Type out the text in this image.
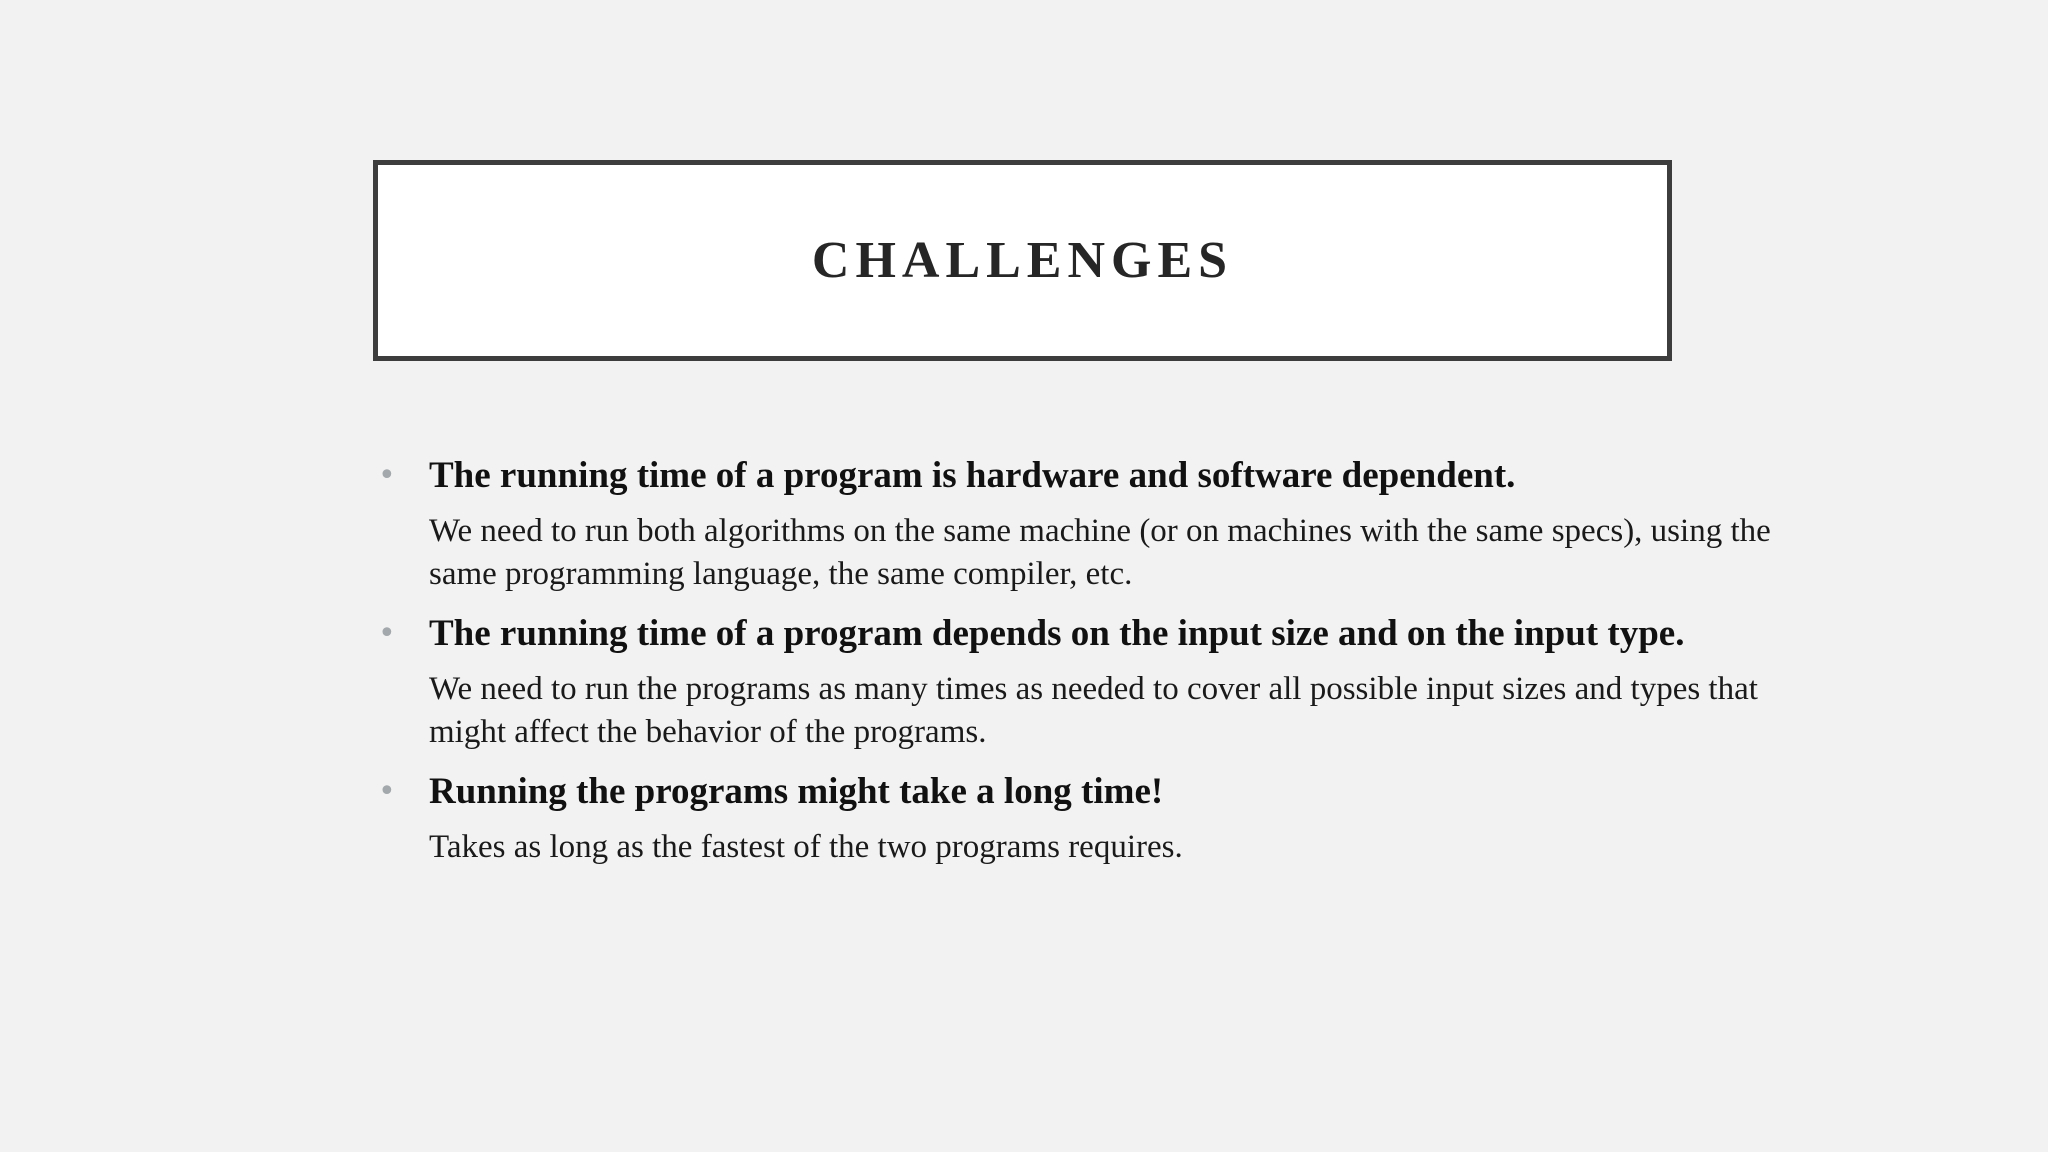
CHALLENGES
• The running time of a program is hardware and software dependent.
We need to run both algorithms on the same machine (or on machines with the same specs), using the
same programming language, the same compiler, etc.
• The running time of a program depends on the input size and on the input type.
We need to run the programs as many times as needed to cover all possible input sizes and types that
might affect the behavior of the programs.
• Running the programs might take a long time!
Takes as long as the fastest of the two programs requires.
